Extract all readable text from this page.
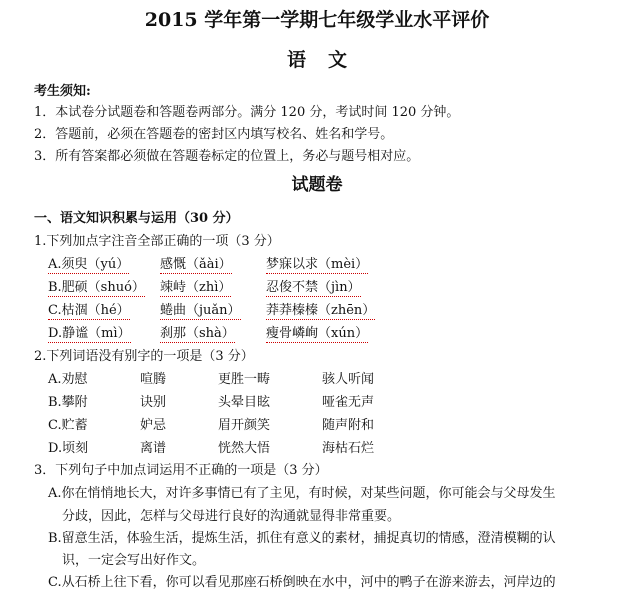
2015 学年第一学期七年级学业水平评价
语文
考生须知:
1．本试卷分试题卷和答题卷两部分。满分 120 分，考试时间 120 分钟。
2．答题前，必须在答题卷的密封区内填写校名、姓名和学号。
3．所有答案都必须做在答题卷标定的位置上，务必与题号相对应。
试题卷
一、语文知识积累与运用（30 分）
1.下列加点字注音全部正确的一项（3 分）
A.须臾（yú） 感慨（ǎài）	梦寐以求（mèi）
B.肥硕（shuó） 竦峙（zhì）	忍俊不禁（jìn）
C.枯涸（hé） 蜷曲（juǎn） 莽莽榛榛（zhēn）
D.静谧（mì） 刹那（shà） 瘦骨嶙峋（xún）
2.下列词语没有别字的一项是（3 分）
A.劝慰	喧腾	更胜一畴	骇人听闻
B.攀附	诀别	头晕目眩	哑雀无声
C.贮蓄	妒忌	眉开颜笑	随声附和
D.顷刻	离谱	恍然大悟	海枯石烂
3．下列句子中加点词运用不正确的一项是（3 分）
A.你在悄悄地长大，对许多事情已有了主见，有时候，对某些问题，你可能会与父母发生
分歧，因此，怎样与父母进行良好的沟通就显得非常重要。
B.留意生活，体验生活，提炼生活，抓住有意义的素材，捕捉真切的情感，澄清模糊的认
识，一定会写出好作文。
C.从石桥上往下看，你可以看见那座石桥倒映在水中，河中的鸭子在游来游去，河岸边的
